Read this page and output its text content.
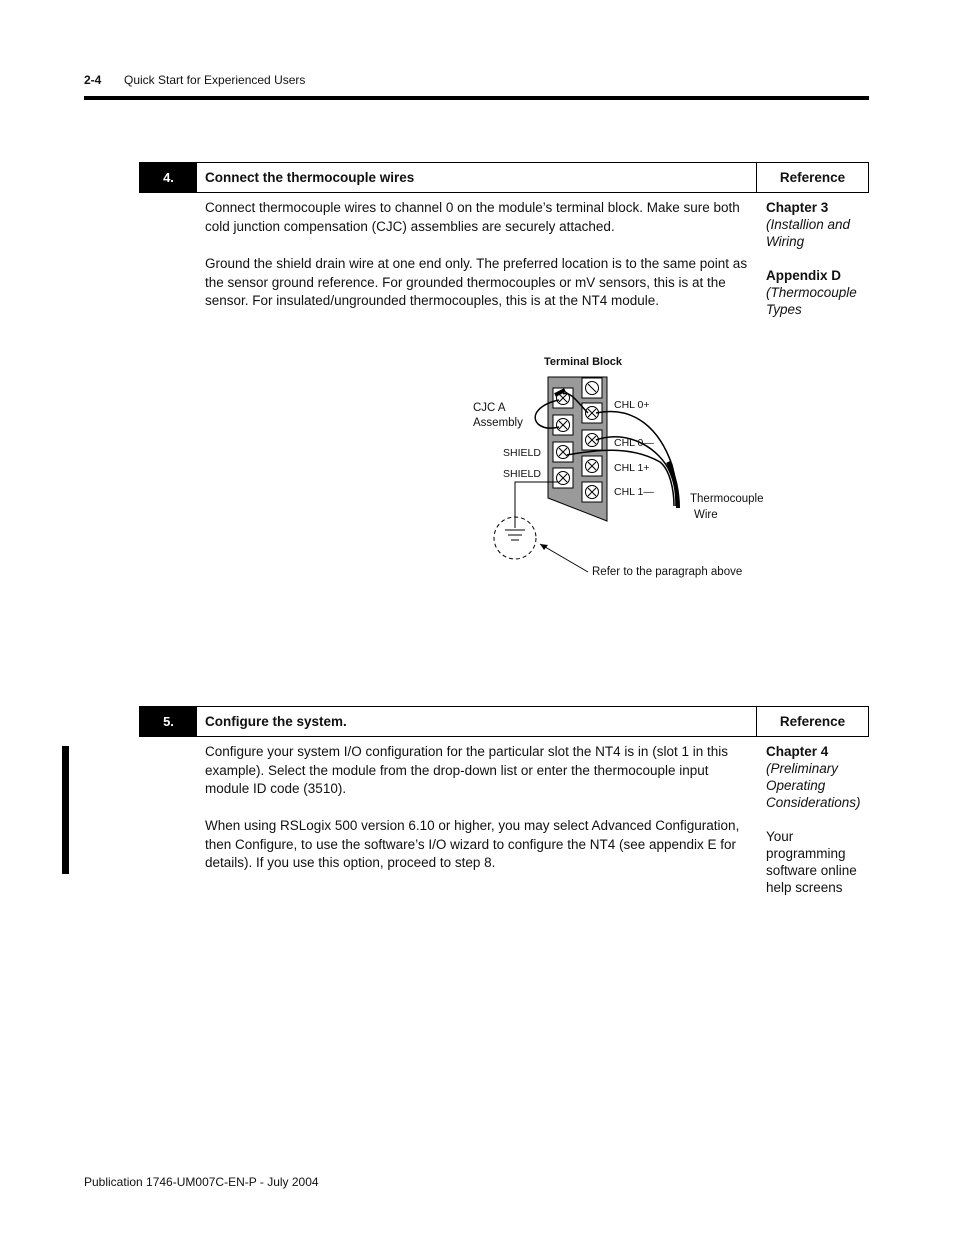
2-4 Quick Start for Experienced Users
4.	Connect the thermocouple wires	Reference
Connect thermocouple wires to channel 0 on the module’s terminal block. Make sure both cold junction compensation (CJC) assemblies are securely attached.
Ground the shield drain wire at one end only. The preferred location is to the same point as the sensor ground reference. For grounded thermocouples or mV sensors, this is at the sensor. For insulated/ungrounded thermocouples, this is at the NT4 module.
Chapter 3
(Installion and
Wiring
Appendix D
(Thermocouple
Types
Terminal Block
CJC A
Assembly
SHIELD
SHIELD
CHL 0+
CHL 0—
CHL 1+
CHL 1—
Thermocouple
Wire
Refer to the paragraph above
5.	Configure the system.	Reference
Configure your system I/O configuration for the particular slot the NT4 is in (slot 1 in this example). Select the module from the drop-down list or enter the thermocouple input module ID code (3510).
When using RSLogix 500 version 6.10 or higher, you may select Advanced Configuration, then Configure, to use the software’s I/O wizard to configure the NT4 (see appendix E for details). If you use this option, proceed to step 8.
Chapter 4
(Preliminary
Operating
Considerations)
Your
programming
software online
help screens
Publication 1746-UM007C-EN-P - July 2004
